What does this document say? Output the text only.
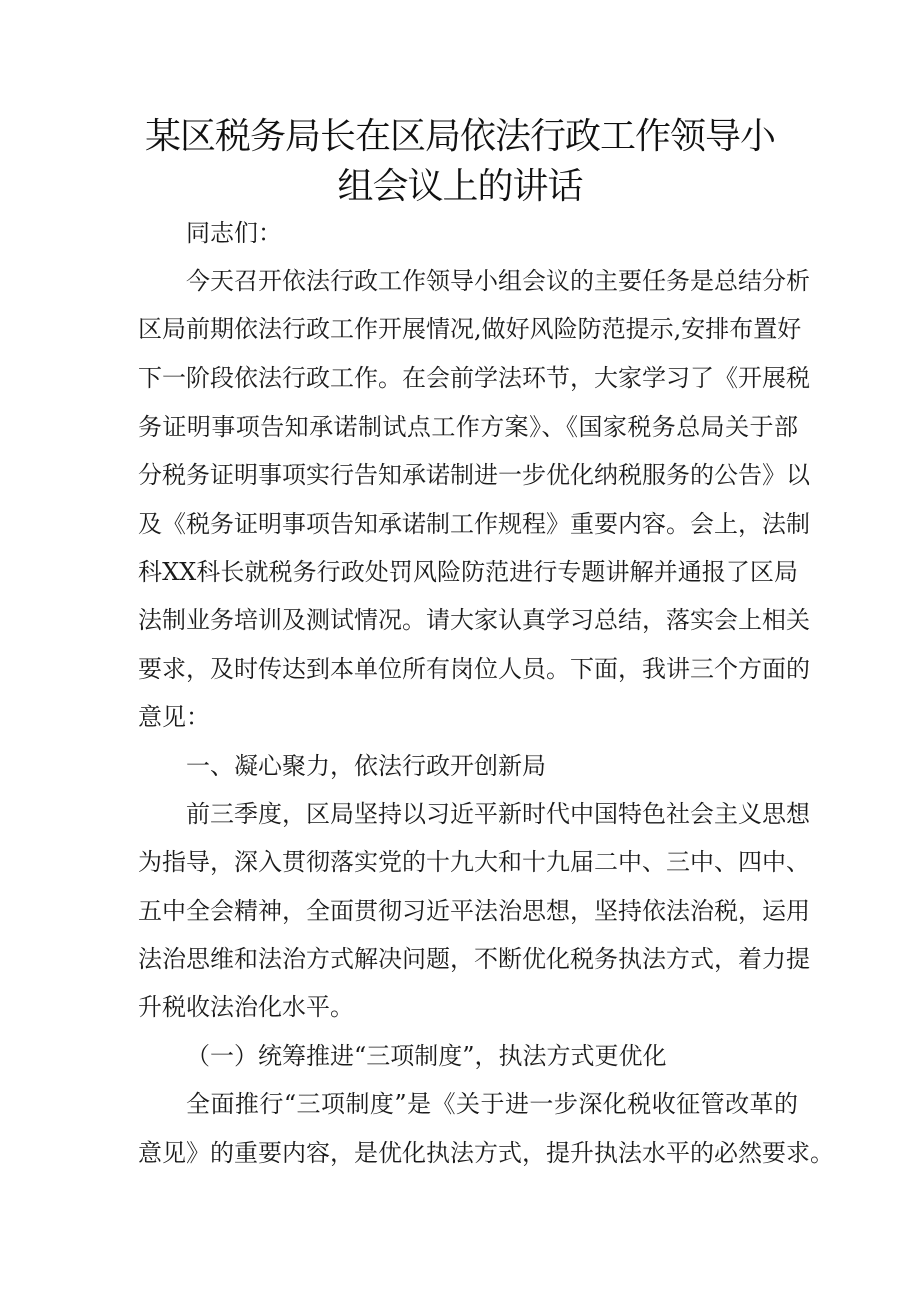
某区税务局长在区局依法行政工作领导小
组会议上的讲话
同志们：
今天召开依法行政工作领导小组会议的主要任务是总结分析
区局前期依法行政工作开展情况,做好风险防范提示,安排布置好
下一阶段依法行政工作。在会前学法环节，大家学习了《开展税
务证明事项告知承诺制试点工作方案》、《国家税务总局关于部
分税务证明事项实行告知承诺制进一步优化纳税服务的公告》以
及《税务证明事项告知承诺制工作规程》重要内容。会上，法制
科XX科长就税务行政处罚风险防范进行专题讲解并通报了区局
法制业务培训及测试情况。请大家认真学习总结，落实会上相关
要求，及时传达到本单位所有岗位人员。下面，我讲三个方面的
意见：
一、凝心聚力，依法行政开创新局
前三季度，区局坚持以习近平新时代中国特色社会主义思想
为指导，深入贯彻落实党的十九大和十九届二中、三中、四中、
五中全会精神，全面贯彻习近平法治思想，坚持依法治税，运用
法治思维和法治方式解决问题，不断优化税务执法方式，着力提
升税收法治化水平。
（一）统筹推进“三项制度”，执法方式更优化
全面推行“三项制度”是《关于进一步深化税收征管改革的
意见》的重要内容，是优化执法方式，提升执法水平的必然要求。
